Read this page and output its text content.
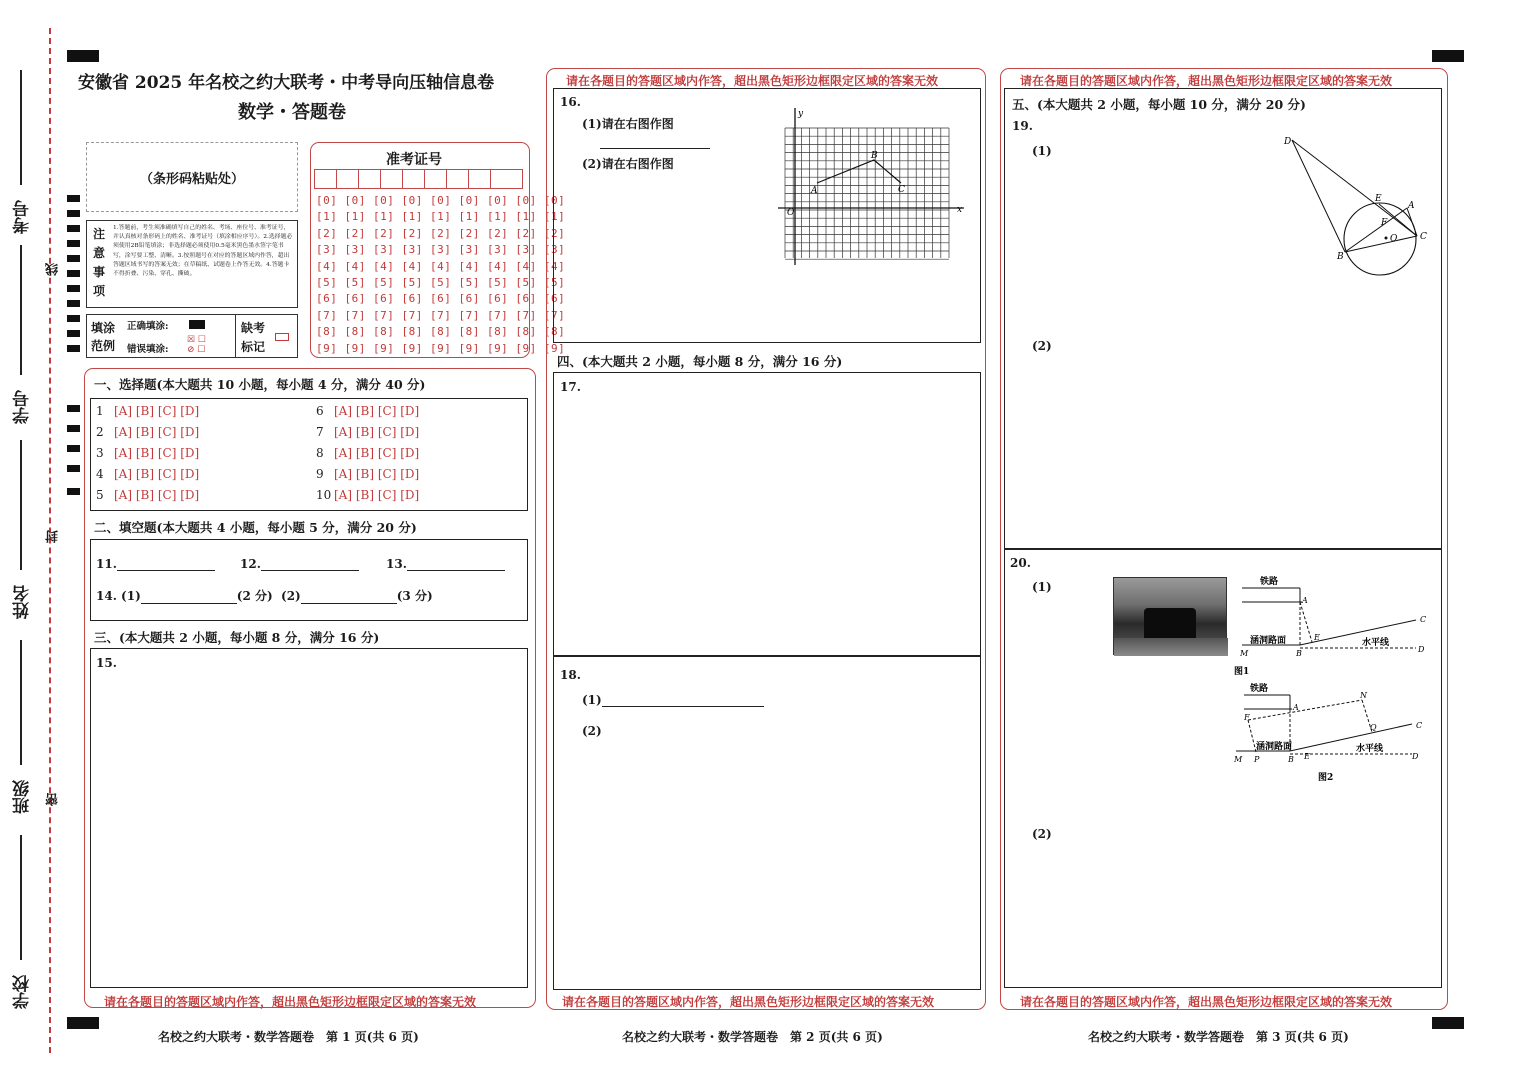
考号
学号
姓名
班级
学校
线
封
密
安徽省 2025 年名校之约大联考・中考导向压轴信息卷
数学・答题卷
（条形码粘贴处）
注意事项
1.答题前，考生须准确填写自己的姓名、考场、座位号、准考证号，并认真核对条形码上的姓名、准考证号（填涂相应序号）。2.选择题必须使用2B铅笔填涂；非选择题必须使用0.5毫米黑色墨水签字笔书写，涂写要工整、清晰。3.按照题号在对应的答题区域内作答，超出答题区域书写的答案无效；在草稿纸、试题卷上作答无效。4.答题卡不得折叠、污染、穿孔、撕破。
填涂范例
正确填涂:
错误填涂:
☒ ☐
⊘ ☐
缺考标记
准考证号
[0] [0] [0] [0] [0] [0] [0] [0] [0]
[1] [1] [1] [1] [1] [1] [1] [1] [1]
[2] [2] [2] [2] [2] [2] [2] [2] [2]
[3] [3] [3] [3] [3] [3] [3] [3] [3]
[4] [4] [4] [4] [4] [4] [4] [4] [4]
[5] [5] [5] [5] [5] [5] [5] [5] [5]
[6] [6] [6] [6] [6] [6] [6] [6] [6]
[7] [7] [7] [7] [7] [7] [7] [7] [7]
[8] [8] [8] [8] [8] [8] [8] [8] [8]
[9] [9] [9] [9] [9] [9] [9] [9] [9]
一、选择题(本大题共 10 小题，每小题 4 分，满分 40 分)
1 [A] [B] [C] [D]
2 [A] [B] [C] [D]
3 [A] [B] [C] [D]
4 [A] [B] [C] [D]
5 [A] [B] [C] [D]
6 [A] [B] [C] [D]
7 [A] [B] [C] [D]
8 [A] [B] [C] [D]
9 [A] [B] [C] [D]
10 [A] [B] [C] [D]
二、填空题(本大题共 4 小题，每小题 5 分，满分 20 分)
11.	12.	13.
14. (1)	(2 分) (2)	(3 分)
三、(本大题共 2 小题，每小题 8 分，满分 16 分)
15.
请在各题目的答题区域内作答，超出黑色矩形边框限定区域的答案无效
名校之约大联考・数学答题卷　第 1 页(共 6 页)
请在各题目的答题区域内作答，超出黑色矩形边框限定区域的答案无效
请在各题目的答题区域内作答，超出黑色矩形边框限定区域的答案无效
16.
(1)请在右图作图
(2)请在右图作图
y
x
O
A
B
C
四、(本大题共 2 小题，每小题 8 分，满分 16 分)
17.
18.
(1)
(2)
名校之约大联考・数学答题卷　第 2 页(共 6 页)
请在各题目的答题区域内作答，超出黑色矩形边框限定区域的答案无效
请在各题目的答题区域内作答，超出黑色矩形边框限定区域的答案无效
五、(本大题共 2 小题，每小题 10 分，满分 20 分)
19.
(1)
(2)
D
E
A
F
O	C
B
20.
(1)
(2)
铁路
涵洞路面	水平线
A
B
C
D
E
M
图1
铁路
涵洞路面	水平线
A
B
C
D
E
F
M
N
P
Q
图2
名校之约大联考・数学答题卷　第 3 页(共 6 页)
